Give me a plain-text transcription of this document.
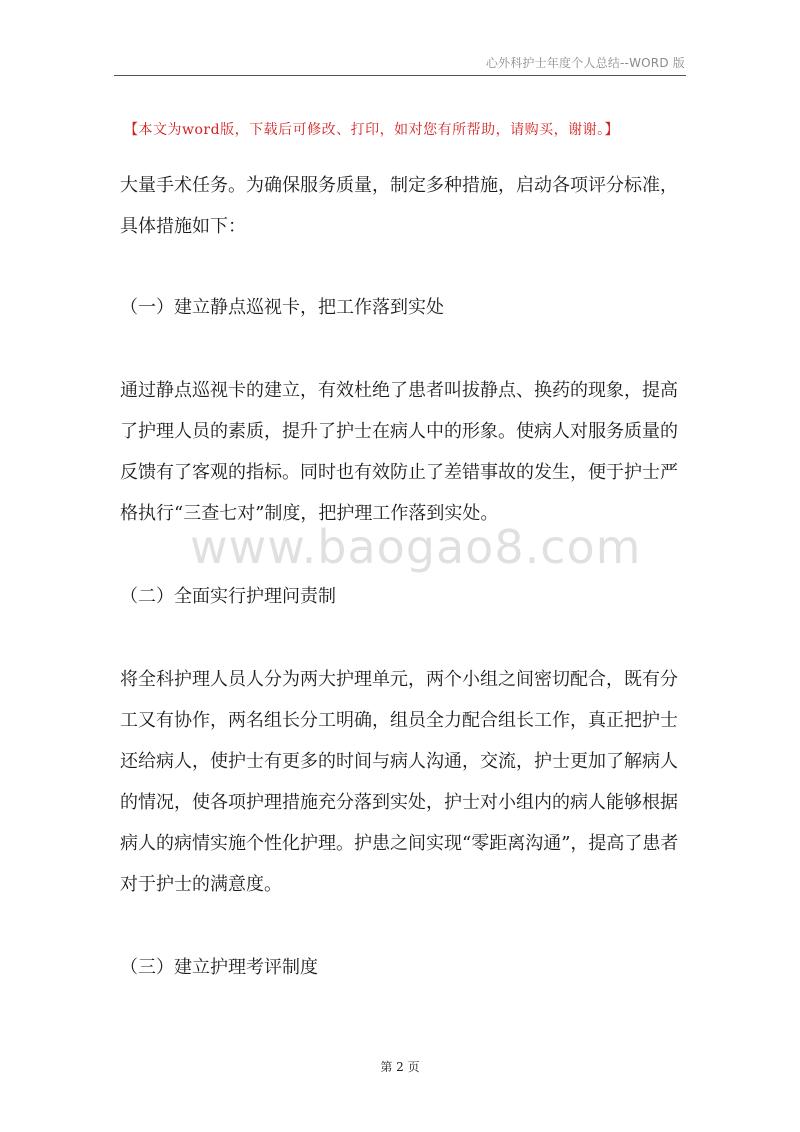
心外科护士年度个人总结--WORD 版
【本文为word版，下载后可修改、打印，如对您有所帮助，请购买，谢谢。】

大量手术任务。为确保服务质量，制定多种措施，启动各项评分标准，具体措施如下：

（一）建立静点巡视卡，把工作落到实处

通过静点巡视卡的建立，有效杜绝了患者叫拔静点、换药的现象，提高了护理人员的素质，提升了护士在病人中的形象。使病人对服务质量的反馈有了客观的指标。同时也有效防止了差错事故的发生，便于护士严格执行“三查七对”制度，把护理工作落到实处。

（二）全面实行护理问责制

将全科护理人员人分为两大护理单元，两个小组之间密切配合，既有分工又有协作，两名组长分工明确，组员全力配合组长工作，真正把护士还给病人，使护士有更多的时间与病人沟通，交流，护士更加了解病人的情况，使各项护理措施充分落到实处，护士对小组内的病人能够根据病人的病情实施个性化护理。护患之间实现“零距离沟通”，提高了患者对于护士的满意度。

（三）建立护理考评制度

www.baogao8.com
第 2 页
